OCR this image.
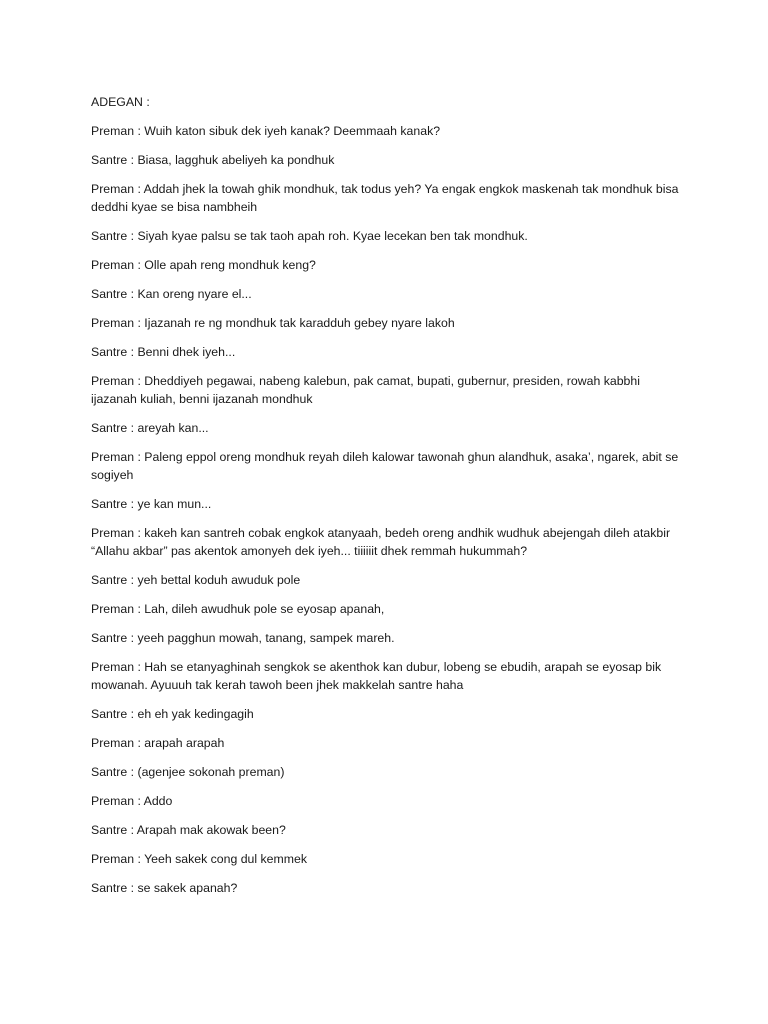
ADEGAN :

Preman : Wuih katon sibuk dek iyeh kanak? Deemmaah kanak?

Santre : Biasa, lagghuk abeliyeh ka pondhuk

Preman : Addah jhek la towah ghik mondhuk, tak todus yeh? Ya engak engkok maskenah tak mondhuk bisa deddhi kyae se bisa nambheih

Santre : Siyah kyae palsu se tak taoh apah roh. Kyae lecekan ben tak mondhuk.

Preman : Olle apah reng mondhuk keng?

Santre : Kan oreng nyare el...

Preman : Ijazanah re ng mondhuk tak karadduh gebey nyare lakoh

Santre : Benni dhek iyeh...

Preman : Dheddiyeh pegawai, nabeng kalebun, pak camat, bupati, gubernur, presiden, rowah kabbhi ijazanah kuliah, benni ijazanah mondhuk

Santre : areyah kan...

Preman : Paleng eppol oreng mondhuk reyah dileh kalowar tawonah ghun alandhuk, asaka’, ngarek, abit se sogiyeh

Santre : ye kan mun...

Preman : kakeh kan santreh cobak engkok atanyaah, bedeh oreng andhik wudhuk abejengah dileh atakbir “Allahu akbar” pas akentok amonyeh dek iyeh... tiiiiiit dhek remmah hukummah?

Santre : yeh bettal koduh awuduk pole

Preman : Lah, dileh awudhuk pole se eyosap apanah,

Santre : yeeh pagghun mowah, tanang, sampek mareh.

Preman : Hah se etanyaghinah sengkok se akenthok kan dubur, lobeng se ebudih, arapah se eyosap bik mowanah. Ayuuuh tak kerah tawoh been jhek makkelah santre haha

Santre : eh eh yak kedingagih

Preman : arapah arapah

Santre : (agenjee sokonah preman)

Preman : Addo

Santre : Arapah mak akowak been?

Preman : Yeeh sakek cong dul kemmek

Santre : se sakek apanah?
